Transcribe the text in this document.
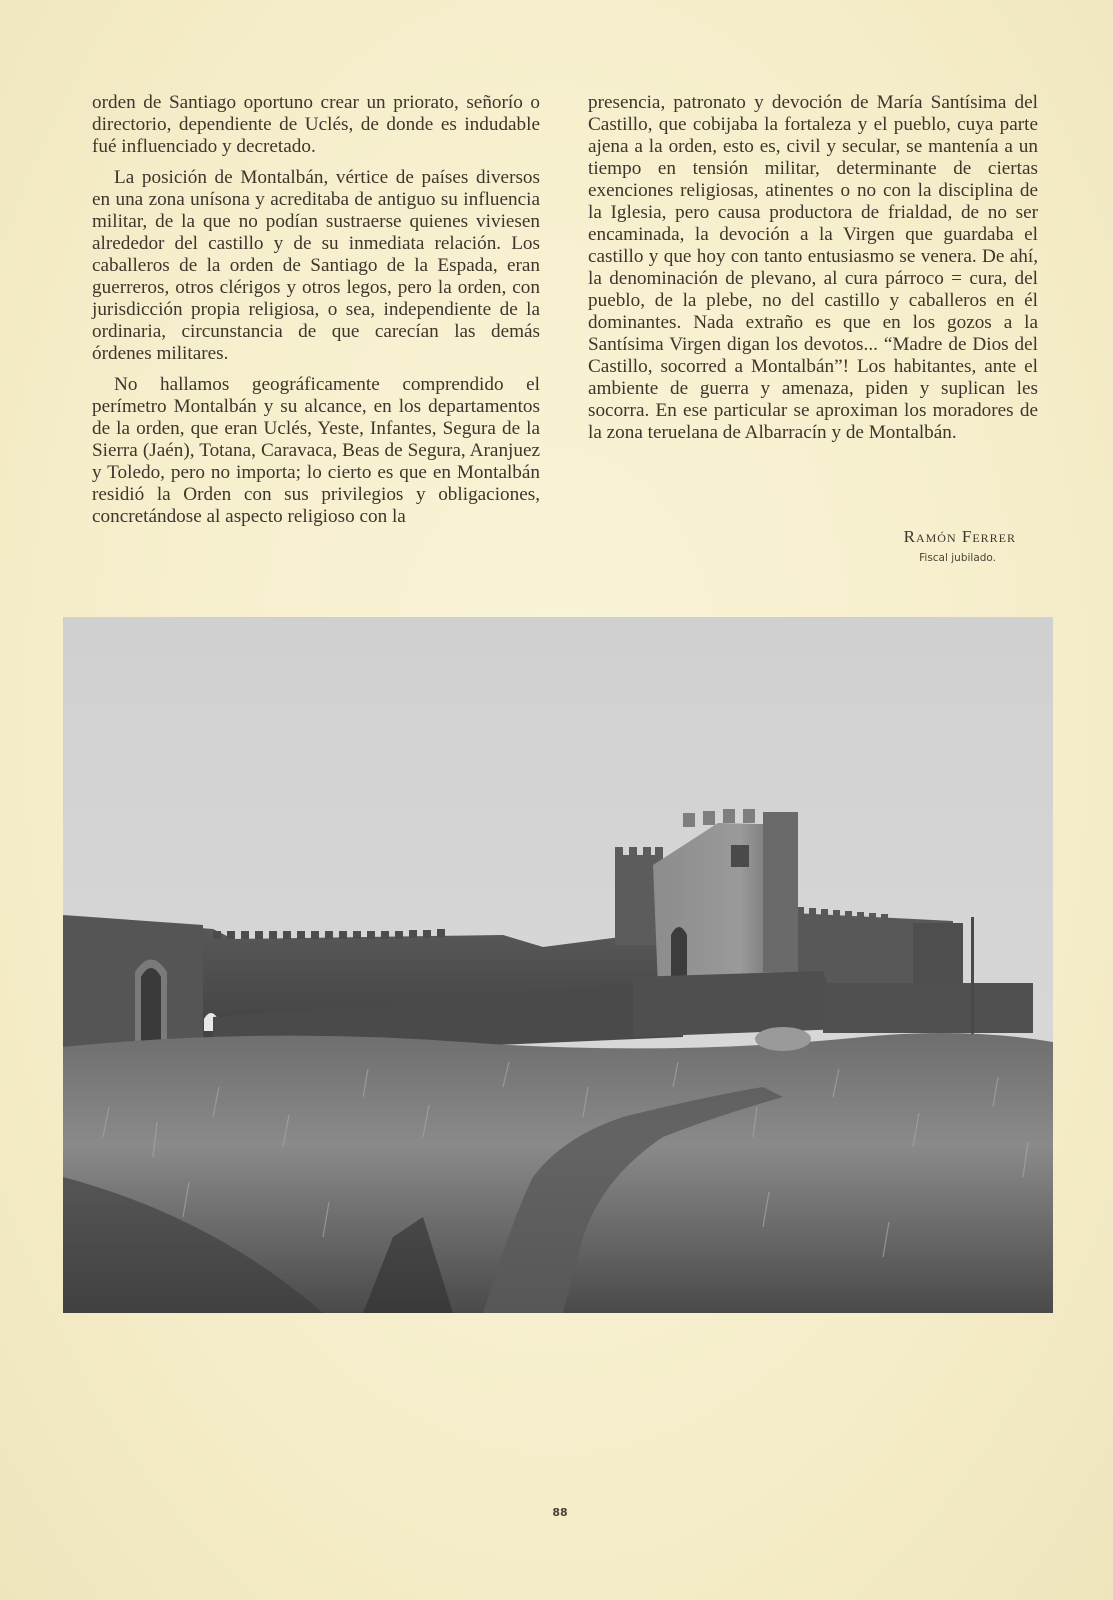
orden de Santiago oportuno crear un priorato, señorío o directorio, dependiente de Uclés, de donde es indudable fué influenciado y decretado.

La posición de Montalbán, vértice de países diversos en una zona unísona y acreditaba de antiguo su influencia militar, de la que no podían sustraerse quienes viviesen alrededor del castillo y de su inmediata relación. Los caballeros de la orden de Santiago de la Espada, eran guerreros, otros clérigos y otros legos, pero la orden, con jurisdicción propia religiosa, o sea, independiente de la ordinaria, circunstancia de que carecían las demás órdenes militares.

No hallamos geográficamente comprendido el perímetro Montalbán y su alcance, en los departamentos de la orden, que eran Uclés, Yeste, Infantes, Segura de la Sierra (Jaén), Totana, Caravaca, Beas de Segura, Aranjuez y Toledo, pero no importa; lo cierto es que en Montalbán residió la Orden con sus privilegios y obligaciones, concretándose al aspecto religioso con la

presencia, patronato y devoción de María Santísima del Castillo, que cobijaba la fortaleza y el pueblo, cuya parte ajena a la orden, esto es, civil y secular, se mantenía a un tiempo en tensión militar, determinante de ciertas exenciones religiosas, atinentes o no con la disciplina de la Iglesia, pero causa productora de frialdad, de no ser encaminada, la devoción a la Virgen que guardaba el castillo y que hoy con tanto entusiasmo se venera. De ahí, la denominación de plevano, al cura párroco = cura, del pueblo, de la plebe, no del castillo y caballeros en él dominantes. Nada extraño es que en los gozos a la Santísima Virgen digan los devotos... “Madre de Dios del Castillo, socorred a Montalbán”! Los habitantes, ante el ambiente de guerra y amenaza, piden y suplican les socorra. En ese particular se aproximan los moradores de la zona teruelana de Albarracín y de Montalbán.

Ramón Ferrer
Fiscal jubilado.
88
